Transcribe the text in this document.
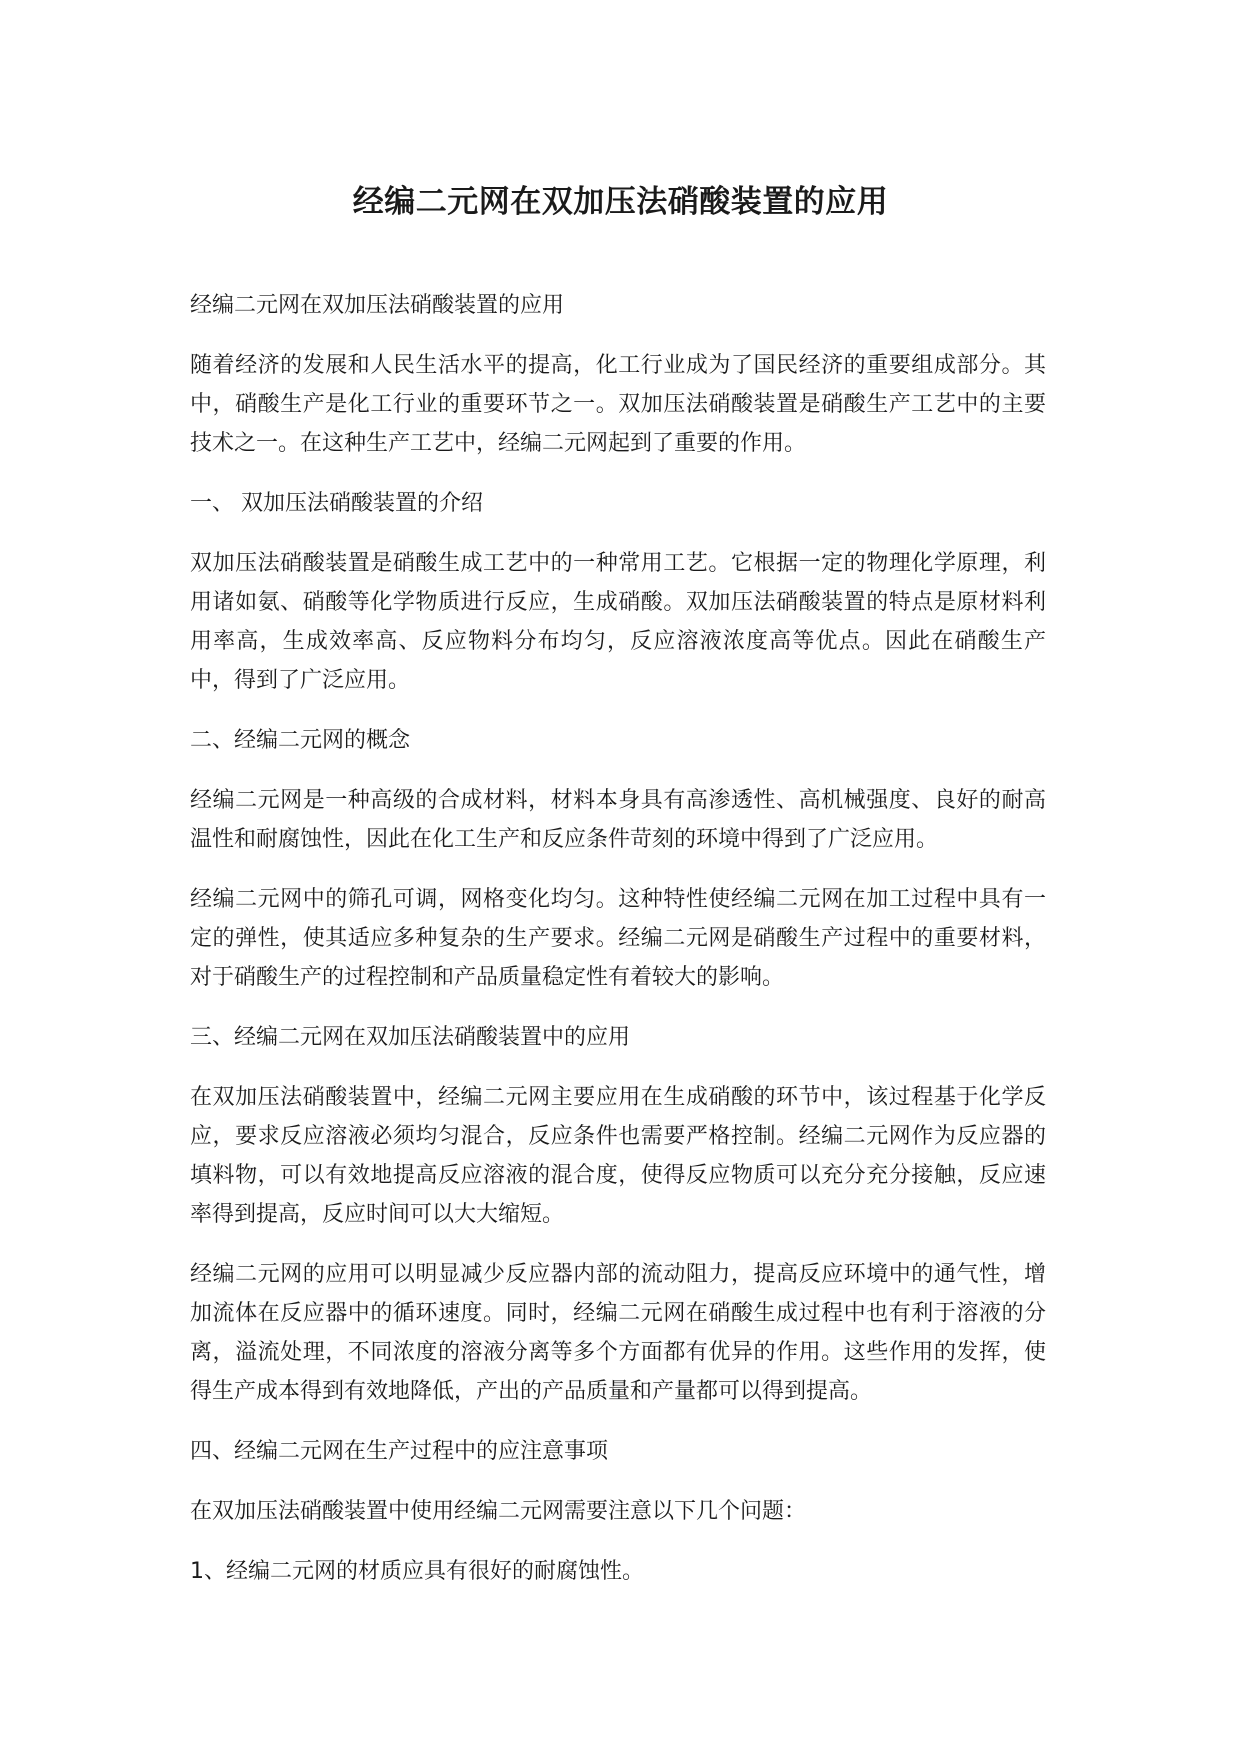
经编二元网在双加压法硝酸装置的应用

经编二元网在双加压法硝酸装置的应用

随着经济的发展和人民生活水平的提高，化工行业成为了国民经济的重要组成部分。其中，硝酸生产是化工行业的重要环节之一。双加压法硝酸装置是硝酸生产工艺中的主要技术之一。在这种生产工艺中，经编二元网起到了重要的作用。

一、 双加压法硝酸装置的介绍

双加压法硝酸装置是硝酸生成工艺中的一种常用工艺。它根据一定的物理化学原理，利用诸如氨、硝酸等化学物质进行反应，生成硝酸。双加压法硝酸装置的特点是原材料利用率高，生成效率高、反应物料分布均匀，反应溶液浓度高等优点。因此在硝酸生产中，得到了广泛应用。

二、经编二元网的概念

经编二元网是一种高级的合成材料，材料本身具有高渗透性、高机械强度、良好的耐高温性和耐腐蚀性，因此在化工生产和反应条件苛刻的环境中得到了广泛应用。

经编二元网中的筛孔可调，网格变化均匀。这种特性使经编二元网在加工过程中具有一定的弹性，使其适应多种复杂的生产要求。经编二元网是硝酸生产过程中的重要材料，对于硝酸生产的过程控制和产品质量稳定性有着较大的影响。

三、经编二元网在双加压法硝酸装置中的应用

在双加压法硝酸装置中，经编二元网主要应用在生成硝酸的环节中，该过程基于化学反应，要求反应溶液必须均匀混合，反应条件也需要严格控制。经编二元网作为反应器的填料物，可以有效地提高反应溶液的混合度，使得反应物质可以充分充分接触，反应速率得到提高，反应时间可以大大缩短。

经编二元网的应用可以明显减少反应器内部的流动阻力，提高反应环境中的通气性，增加流体在反应器中的循环速度。同时，经编二元网在硝酸生成过程中也有利于溶液的分离，溢流处理，不同浓度的溶液分离等多个方面都有优异的作用。这些作用的发挥，使得生产成本得到有效地降低，产出的产品质量和产量都可以得到提高。

四、经编二元网在生产过程中的应注意事项

在双加压法硝酸装置中使用经编二元网需要注意以下几个问题：

1、经编二元网的材质应具有很好的耐腐蚀性。
